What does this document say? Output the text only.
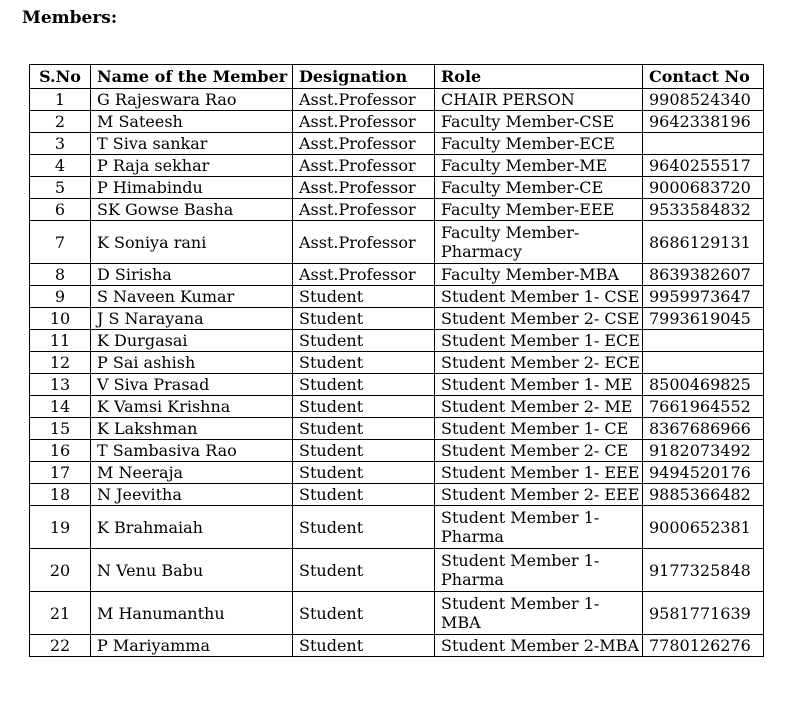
Members:
S.No	Name of the Member	Designation	Role	Contact No
1	G Rajeswara Rao	Asst.Professor	CHAIR PERSON	9908524340
2	M Sateesh	Asst.Professor	Faculty Member-CSE	9642338196
3	T Siva sankar	Asst.Professor	Faculty Member-ECE	
4	P Raja sekhar	Asst.Professor	Faculty Member-ME	9640255517
5	P Himabindu	Asst.Professor	Faculty Member-CE	9000683720
6	SK Gowse Basha	Asst.Professor	Faculty Member-EEE	9533584832
7	K Soniya rani	Asst.Professor	Faculty Member-Pharmacy	8686129131
8	D Sirisha	Asst.Professor	Faculty Member-MBA	8639382607
9	S Naveen Kumar	Student	Student Member 1- CSE	9959973647
10	J S Narayana	Student	Student Member 2- CSE	7993619045
11	K Durgasai	Student	Student Member 1- ECE	
12	P Sai ashish	Student	Student Member 2- ECE	
13	V Siva Prasad	Student	Student Member 1- ME	8500469825
14	K Vamsi Krishna	Student	Student Member 2- ME	7661964552
15	K Lakshman	Student	Student Member 1- CE	8367686966
16	T Sambasiva Rao	Student	Student Member 2- CE	9182073492
17	M Neeraja	Student	Student Member 1- EEE	9494520176
18	N Jeevitha	Student	Student Member 2- EEE	9885366482
19	K Brahmaiah	Student	Student Member 1- Pharma	9000652381
20	N Venu Babu	Student	Student Member 1- Pharma	9177325848
21	M Hanumanthu	Student	Student Member 1- MBA	9581771639
22	P Mariyamma	Student	Student Member 2-MBA	7780126276
